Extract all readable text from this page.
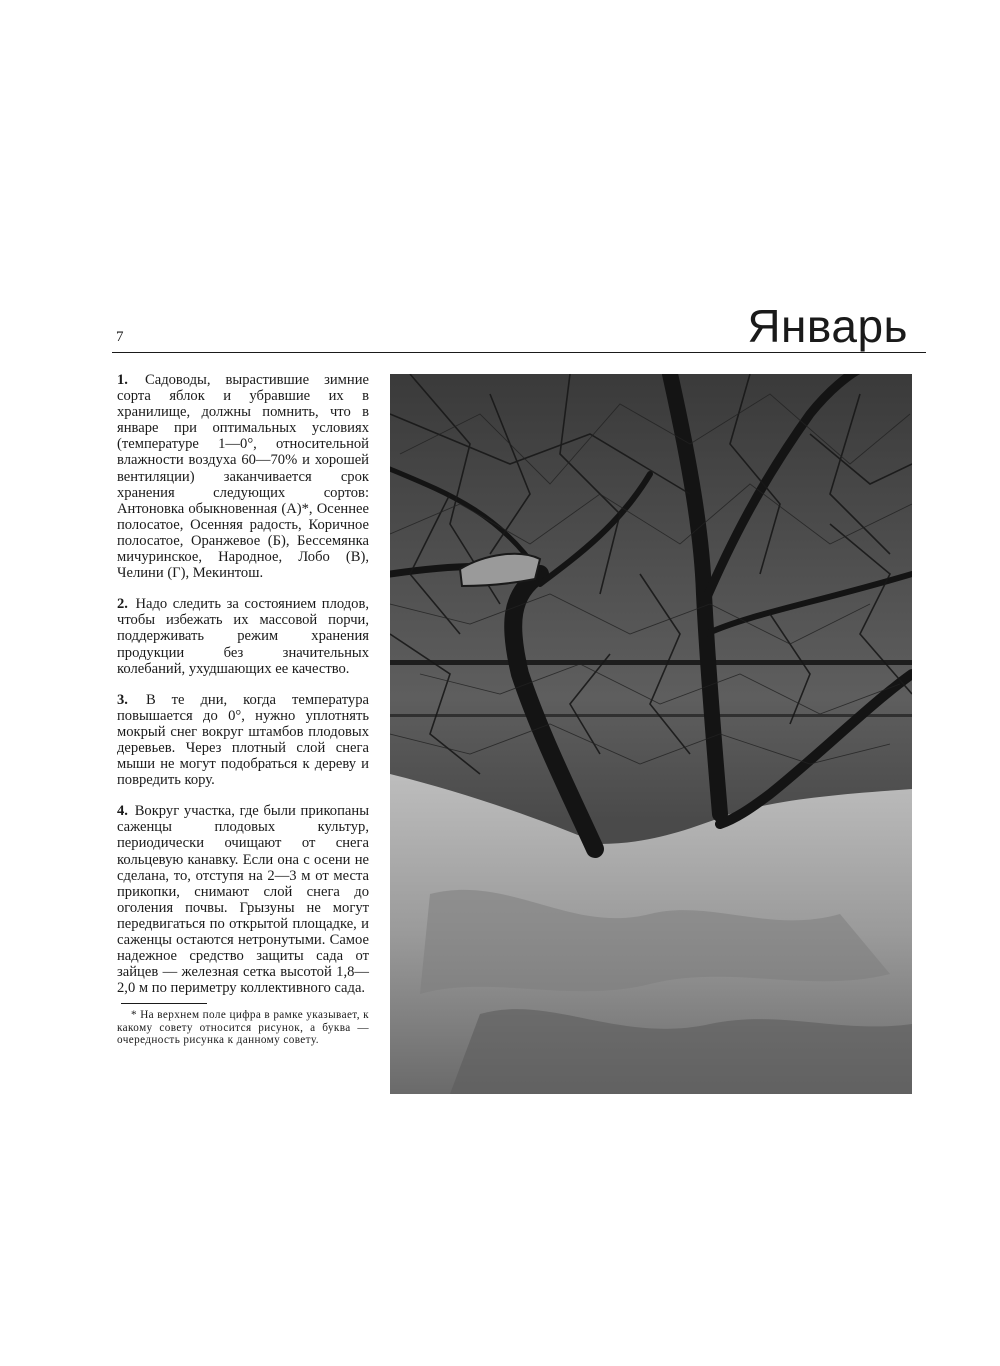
7	Январь

1. Садоводы, вырастившие зимние сорта яблок и убравшие их в хранилище, должны помнить, что в январе при оптимальных условиях (температуре 1—0°, относительной влажности воздуха 60—70% и хорошей вентиляции) заканчивается срок хранения следующих сортов: Антоновка обыкновенная (А)*, Осеннее полосатое, Осенняя радость, Коричное полосатое, Оранжевое (Б), Бессемянка мичуринское, Народное, Лобо (В), Челини (Г), Мекинтош.

2. Надо следить за состоянием плодов, чтобы избежать их массовой порчи, поддерживать режим хранения продукции без значительных колебаний, ухудшающих ее качество.

3. В те дни, когда температура повышается до 0°, нужно уплотнять мокрый снег вокруг штамбов плодовых деревьев. Через плотный слой снега мыши не могут подобраться к дереву и повредить кору.

4. Вокруг участка, где были прикопаны саженцы плодовых культур, периодически очищают от снега кольцевую канавку. Если она с осени не сделана, то, отступя на 2—3 м от места прикопки, снимают слой снега до оголения почвы. Грызуны не могут передвигаться по открытой площадке, и саженцы остаются нетронутыми. Самое надежное средство защиты сада от зайцев — железная сетка высотой 1,8—2,0 м по периметру коллективного сада.

* На верхнем поле цифра в рамке указывает, к какому совету относится рисунок, а буква — очередность рисунка к данному совету.
